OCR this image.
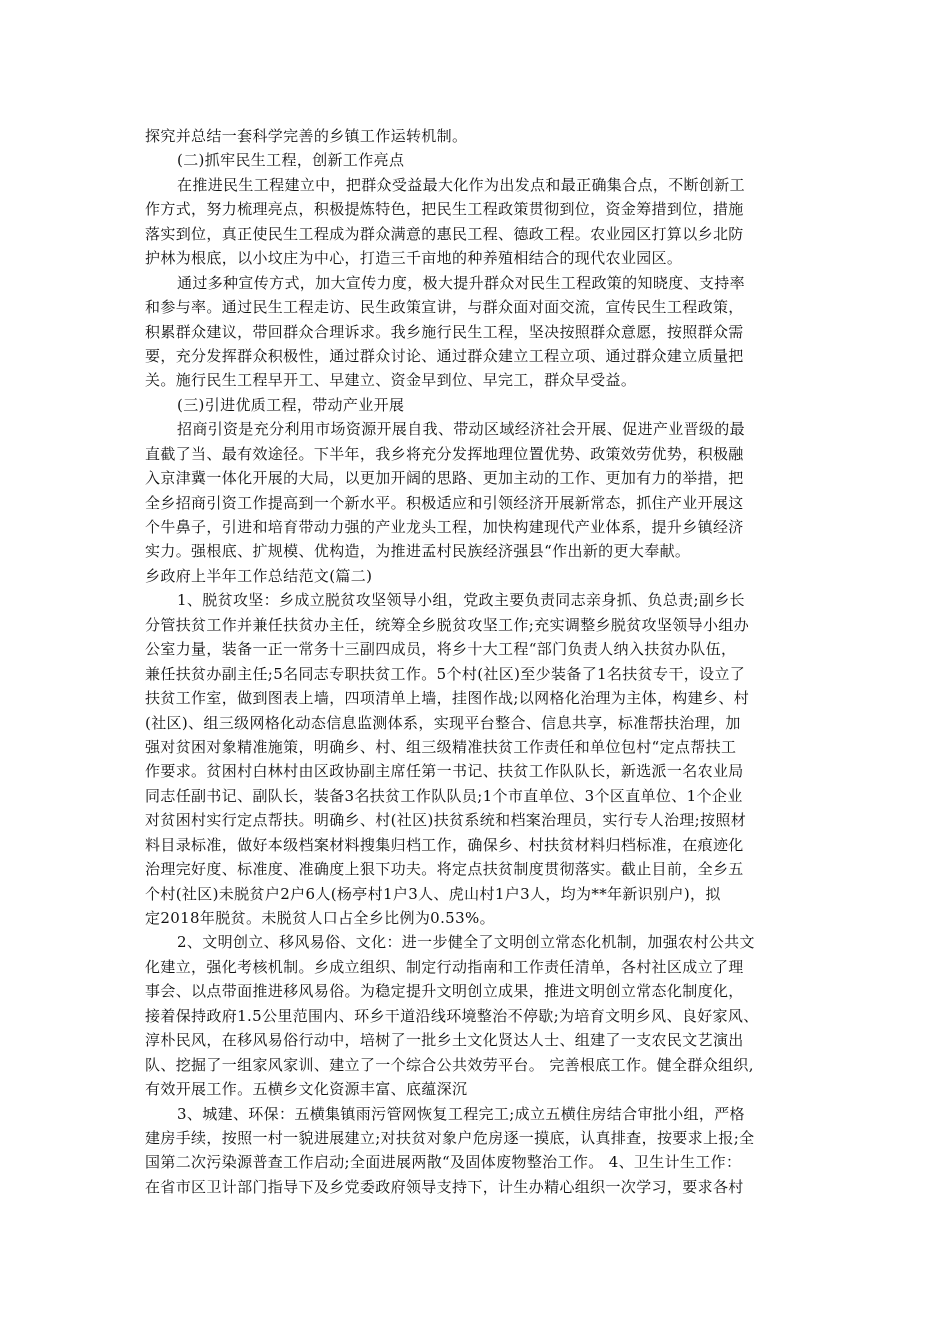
探究并总结一套科学完善的乡镇工作运转机制。
(二)抓牢民生工程，创新工作亮点
在推进民生工程建立中，把群众受益最大化作为出发点和最正确集合点，不断创新工
作方式，努力梳理亮点，积极提炼特色，把民生工程政策贯彻到位，资金筹措到位，措施
落实到位，真正使民生工程成为群众满意的惠民工程、德政工程。农业园区打算以乡北防
护林为根底，以小坟庄为中心，打造三千亩地的种养殖相结合的现代农业园区。
通过多种宣传方式，加大宣传力度，极大提升群众对民生工程政策的知晓度、支持率
和参与率。通过民生工程走访、民生政策宣讲，与群众面对面交流，宣传民生工程政策，
积累群众建议，带回群众合理诉求。我乡施行民生工程，坚决按照群众意愿，按照群众需
要，充分发挥群众积极性，通过群众讨论、通过群众建立工程立项、通过群众建立质量把
关。施行民生工程早开工、早建立、资金早到位、早完工，群众早受益。
(三)引进优质工程，带动产业开展
招商引资是充分利用市场资源开展自我、带动区域经济社会开展、促进产业晋级的最
直截了当、最有效途径。下半年，我乡将充分发挥地理位置优势、政策效劳优势，积极融
入京津冀一体化开展的大局，以更加开阔的思路、更加主动的工作、更加有力的举措，把
全乡招商引资工作提高到一个新水平。积极适应和引领经济开展新常态，抓住产业开展这
个牛鼻子，引进和培育带动力强的产业龙头工程，加快构建现代产业体系，提升乡镇经济
实力。强根底、扩规模、优构造，为推进孟村民族经济强县“作出新的更大奉献。
乡政府上半年工作总结范文(篇二)
1、脱贫攻坚：乡成立脱贫攻坚领导小组，党政主要负责同志亲身抓、负总责;副乡长
分管扶贫工作并兼任扶贫办主任，统筹全乡脱贫攻坚工作;充实调整乡脱贫攻坚领导小组办
公室力量，装备一正一常务十三副四成员，将乡十大工程“部门负责人纳入扶贫办队伍，
兼任扶贫办副主任;5名同志专职扶贫工作。5个村(社区)至少装备了1名扶贫专干，设立了
扶贫工作室，做到图表上墙，四项清单上墙，挂图作战;以网格化治理为主体，构建乡、村
(社区)、组三级网格化动态信息监测体系，实现平台整合、信息共享，标准帮扶治理，加
强对贫困对象精准施策，明确乡、村、组三级精准扶贫工作责任和单位包村“定点帮扶工
作要求。贫困村白林村由区政协副主席任第一书记、扶贫工作队队长，新选派一名农业局
同志任副书记、副队长，装备3名扶贫工作队队员;1个市直单位、3个区直单位、1个企业
对贫困村实行定点帮扶。明确乡、村(社区)扶贫系统和档案治理员，实行专人治理;按照材
料目录标准，做好本级档案材料搜集归档工作，确保乡、村扶贫材料归档标准，在痕迹化
治理完好度、标准度、准确度上狠下功夫。将定点扶贫制度贯彻落实。截止目前，全乡五
个村(社区)未脱贫户2户6人(杨亭村1户3人、虎山村1户3人，均为**年新识别户)，拟
定2018年脱贫。未脱贫人口占全乡比例为0.53%。
2、文明创立、移风易俗、文化：进一步健全了文明创立常态化机制，加强农村公共文
化建立，强化考核机制。乡成立组织、制定行动指南和工作责任清单，各村社区成立了理
事会、以点带面推进移风易俗。为稳定提升文明创立成果，推进文明创立常态化制度化，
接着保持政府1.5公里范围内、环乡干道沿线环境整治不停歇;为培育文明乡风、良好家风、
淳朴民风，在移风易俗行动中，培树了一批乡土文化贤达人士、组建了一支农民文艺演出
队、挖掘了一组家风家训、建立了一个综合公共效劳平台。 完善根底工作。健全群众组织,
有效开展工作。五横乡文化资源丰富、底蕴深沉
3、城建、环保：五横集镇雨污管网恢复工程完工;成立五横住房结合审批小组，严格
建房手续，按照一村一貌进展建立;对扶贫对象户危房逐一摸底，认真排查，按要求上报;全
国第二次污染源普查工作启动;全面进展两散“及固体废物整治工作。 4、卫生计生工作：
在省市区卫计部门指导下及乡党委政府领导支持下，计生办精心组织一次学习，要求各村
